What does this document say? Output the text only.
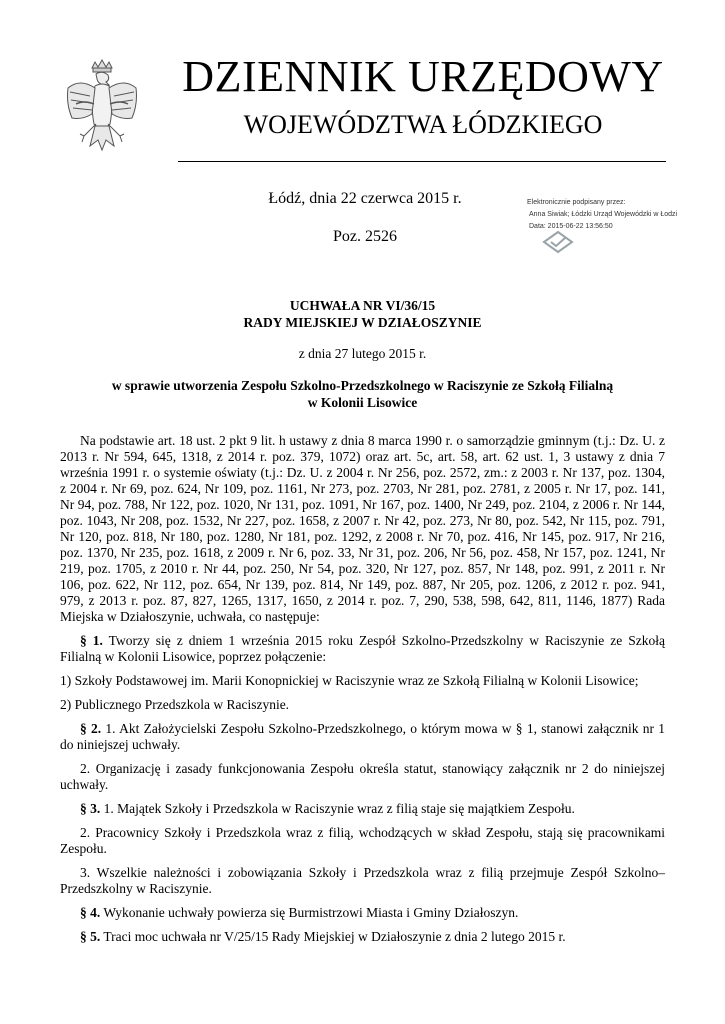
DZIENNIK URZĘDOWY
WOJEWÓDZTWA ŁÓDZKIEGO
Łódź, dnia 22 czerwca 2015 r.
Poz. 2526
Elektronicznie podpisany przez:
Anna Siwiak; Łódzki Urząd Wojewódzki w Łodzi
Data: 2015-06-22 13:56:50
UCHWAŁA NR VI/36/15
RADY MIEJSKIEJ W DZIAŁOSZYNIE
z dnia 27 lutego 2015 r.
w sprawie utworzenia Zespołu Szkolno-Przedszkolnego w Raciszynie ze Szkołą Filialną
w Kolonii Lisowice

Na podstawie art. 18 ust. 2 pkt 9 lit. h ustawy z dnia 8 marca 1990 r. o samorządzie gminnym (t.j.: Dz. U. z 2013 r. Nr 594, 645, 1318, z 2014 r. poz. 379, 1072) oraz art. 5c, art. 58, art. 62 ust. 1, 3 ustawy z dnia 7 września 1991 r. o systemie oświaty (t.j.: Dz. U. z 2004 r. Nr 256, poz. 2572, zm.: z 2003 r. Nr 137, poz. 1304, z 2004 r. Nr 69, poz. 624, Nr 109, poz. 1161, Nr 273, poz. 2703, Nr 281, poz. 2781, z 2005 r. Nr 17, poz. 141, Nr 94, poz. 788, Nr 122, poz. 1020, Nr 131, poz. 1091, Nr 167, poz. 1400, Nr 249, poz. 2104, z 2006 r. Nr 144, poz. 1043, Nr 208, poz. 1532, Nr 227, poz. 1658, z 2007 r. Nr 42, poz. 273, Nr 80, poz. 542, Nr 115, poz. 791, Nr 120, poz. 818, Nr 180, poz. 1280, Nr 181, poz. 1292, z 2008 r. Nr 70, poz. 416, Nr 145, poz. 917, Nr 216, poz. 1370, Nr 235, poz. 1618, z 2009 r. Nr 6, poz. 33, Nr 31, poz. 206, Nr 56, poz. 458, Nr 157, poz. 1241, Nr 219, poz. 1705, z 2010 r. Nr 44, poz. 250, Nr 54, poz. 320, Nr 127, poz. 857, Nr 148, poz. 991, z 2011 r. Nr 106, poz. 622, Nr 112, poz. 654, Nr 139, poz. 814, Nr 149, poz. 887, Nr 205, poz. 1206, z 2012 r. poz. 941, 979, z 2013 r. poz. 87, 827, 1265, 1317, 1650, z 2014 r. poz. 7, 290, 538, 598, 642, 811, 1146, 1877) Rada Miejska w Działoszynie, uchwała, co następuje:

§ 1. Tworzy się z dniem 1 września 2015 roku Zespół Szkolno-Przedszkolny w Raciszynie ze Szkołą Filialną w Kolonii Lisowice, poprzez połączenie:

1) Szkoły Podstawowej im. Marii Konopnickiej w Raciszynie wraz ze Szkołą Filialną w Kolonii Lisowice;

2) Publicznego Przedszkola w Raciszynie.

§ 2. 1. Akt Założycielski Zespołu Szkolno-Przedszkolnego, o którym mowa w § 1, stanowi załącznik nr 1 do niniejszej uchwały.

2. Organizację i zasady funkcjonowania Zespołu określa statut, stanowiący załącznik nr 2 do niniejszej uchwały.

§ 3. 1. Majątek Szkoły i Przedszkola w Raciszynie wraz z filią staje się majątkiem Zespołu.

2. Pracownicy Szkoły i Przedszkola wraz z filią, wchodzących w skład Zespołu, stają się pracownikami Zespołu.

3. Wszelkie należności i zobowiązania Szkoły i Przedszkola wraz z filią przejmuje Zespół Szkolno–Przedszkolny w Raciszynie.

§ 4. Wykonanie uchwały powierza się Burmistrzowi Miasta i Gminy Działoszyn.

§ 5. Traci moc uchwała nr V/25/15 Rady Miejskiej w Działoszynie z dnia 2 lutego 2015 r.
